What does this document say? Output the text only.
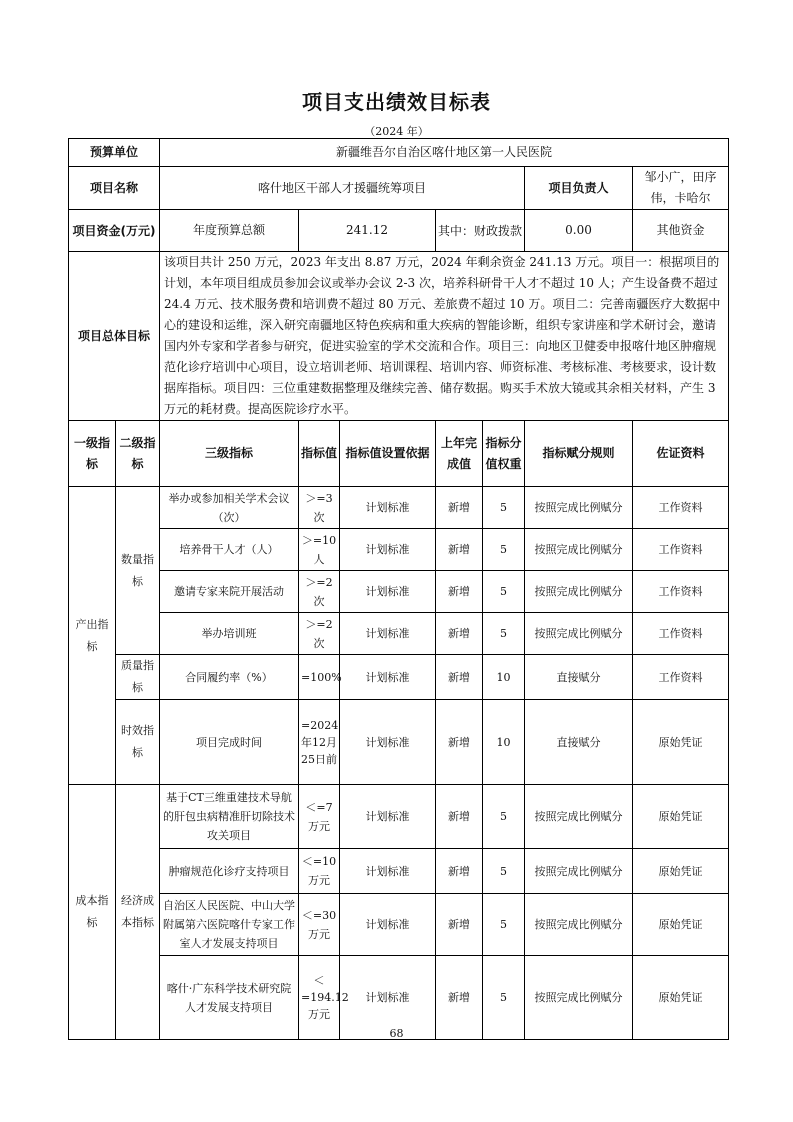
项目支出绩效目标表
（2024 年）
预算单位		新疆维吾尔自治区喀什地区第一人民医院						
项目名称		喀什地区干部人才援疆统筹项目					项目负责人	邹小广，田序伟，卡哈尔
项目资金(万元)		年度预算总额	241.12		其中：财政拨款		0.00	其他资金
项目总体目标		该项目共计 250 万元，2023 年支出 8.87 万元，2024 年剩余资金 241.13 万元。项目一：根据项目的计划，本年项目组成员参加会议或举办会议 2-3 次，培养科研骨干人才不超过 10 人；产生设备费不超过 24.4 万元、技术服务费和培训费不超过 80 万元、差旅费不超过 10 万。项目二：完善南疆医疗大数据中心的建设和运维，深入研究南疆地区特色疾病和重大疾病的智能诊断，组织专家讲座和学术研讨会，邀请国内外专家和学者参与研究，促进实验室的学术交流和合作。项目三：向地区卫健委申报喀什地区肿瘤规范化诊疗培训中心项目，设立培训老师、培训课程、培训内容、师资标准、考核标准、考核要求，设计数据库指标。项目四：三位重建数据整理及继续完善、储存数据。购买手术放大镜或其余相关材料，产生 3 万元的耗材费。提高医院诊疗水平。						
一级指标	二级指标	三级指标	指标值	指标值设置依据	上年完成值	指标分值权重	指标赋分规则	佐证资料
产出指标	数量指标	举办或参加相关学术会议（次）	＞=3次	计划标准	新增	5	按照完成比例赋分	工作资料
		培养骨干人才（人）	＞=10人	计划标准	新增	5	按照完成比例赋分	工作资料
		邀请专家来院开展活动	＞=2次	计划标准	新增	5	按照完成比例赋分	工作资料
		举办培训班	＞=2次	计划标准	新增	5	按照完成比例赋分	工作资料
	质量指标	合同履约率（%）	=100%	计划标准	新增	10	直接赋分	工作资料
	时效指标	项目完成时间	=2024年12月25日前	计划标准	新增	10	直接赋分	原始凭证
成本指标	经济成本指标	基于CT三维重建技术导航的肝包虫病精准肝切除技术攻关项目	＜=7万元	计划标准	新增	5	按照完成比例赋分	原始凭证
		肿瘤规范化诊疗支持项目	＜=10万元	计划标准	新增	5	按照完成比例赋分	原始凭证
		自治区人民医院、中山大学附属第六医院喀什专家工作室人才发展支持项目	＜=30万元	计划标准	新增	5	按照完成比例赋分	原始凭证
		喀什·广东科学技术研究院人才发展支持项目	＜=194.12万元	计划标准	新增	5	按照完成比例赋分	原始凭证
68
